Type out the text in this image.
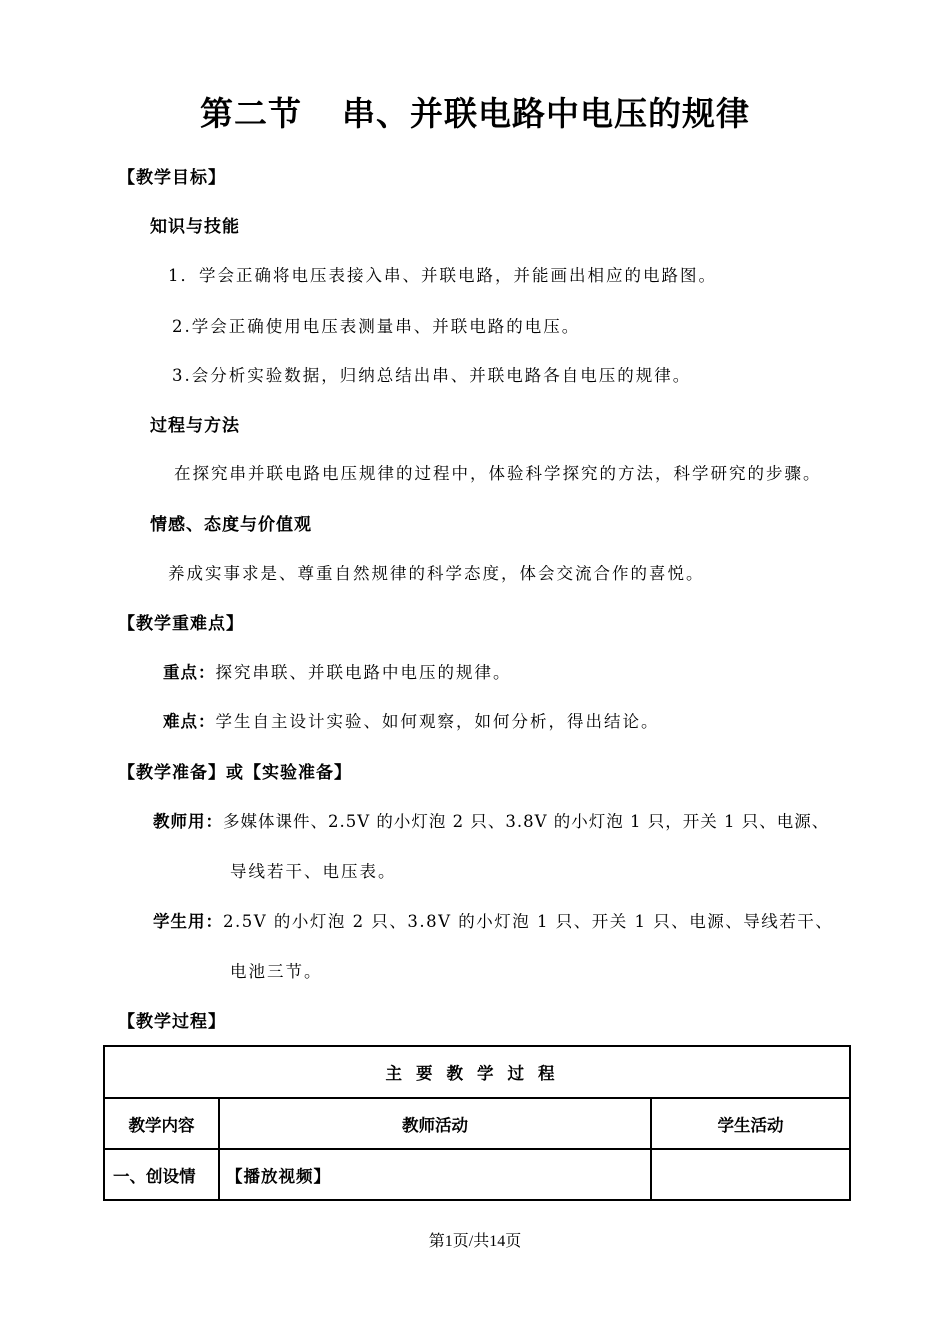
第二节 串、并联电路中电压的规律
【教学目标】
知识与技能
1．学会正确将电压表接入串、并联电路，并能画出相应的电路图。
2.学会正确使用电压表测量串、并联电路的电压。
3.会分析实验数据，归纳总结出串、并联电路各自电压的规律。
过程与方法
在探究串并联电路电压规律的过程中，体验科学探究的方法，科学研究的步骤。
情感、态度与价值观
养成实事求是、尊重自然规律的科学态度，体会交流合作的喜悦。
【教学重难点】
重点：探究串联、并联电路中电压的规律。
难点：学生自主设计实验、如何观察，如何分析，得出结论。
【教学准备】或【实验准备】
教师用：多媒体课件、2.5V 的小灯泡 2 只、3.8V 的小灯泡 1 只，开关 1 只、电源、
导线若干、电压表。
学生用：2.5V 的小灯泡 2 只、3.8V 的小灯泡 1 只、开关 1 只、电源、导线若干、
电池三节。
【教学过程】
主要教学过程		
教学内容	教师活动	学生活动
一、创设情	【播放视频】	
第1页/共14页
